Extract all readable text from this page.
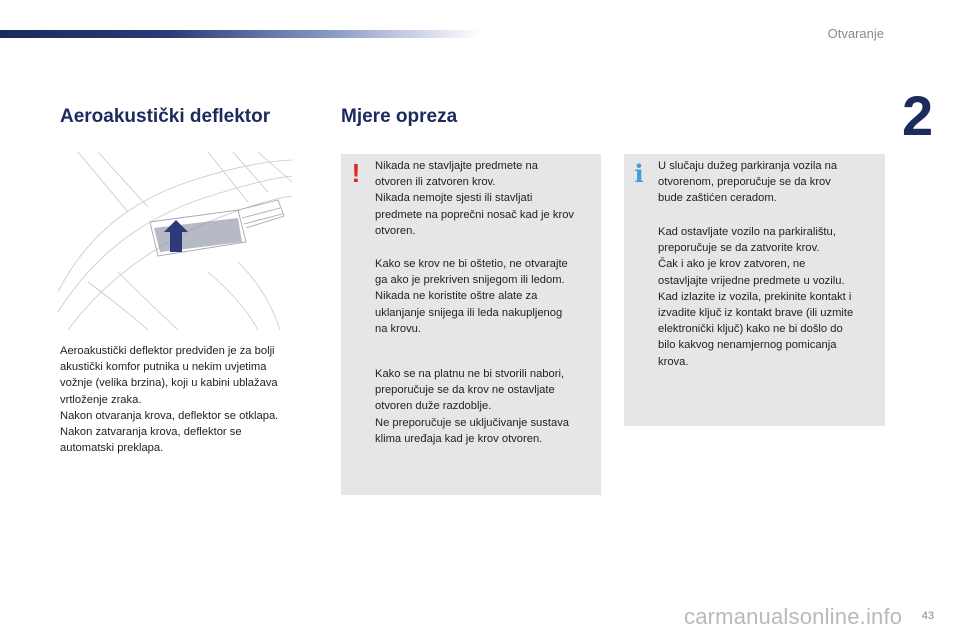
Otvaranje
2
Aeroakustički deflektor	Mjere opreza

Aeroakustički deflektor predviđen je za bolji
akustički komfor putnika u nekim uvjetima
vožnje (velika brzina), koji u kabini ublažava
vrtloženje zraka.
Nakon otvaranja krova, deflektor se otklapa.
Nakon zatvaranja krova, deflektor se
automatski preklapa.

! Nikada ne stavljajte predmete na
otvoren ili zatvoren krov.
Nikada nemojte sjesti ili stavljati
predmete na poprečni nosač kad je krov
otvoren.

Kako se krov ne bi oštetio, ne otvarajte
ga ako je prekriven snijegom ili ledom.
Nikada ne koristite oštre alate za
uklanjanje snijega ili leda nakupljenog
na krovu.

Kako se na platnu ne bi stvorili nabori,
preporučuje se da krov ne ostavljate
otvoren duže razdoblje.
Ne preporučuje se uključivanje sustava
klima uređaja kad je krov otvoren.

i U slučaju dužeg parkiranja vozila na
otvorenom, preporučuje se da krov
bude zaštićen ceradom.

Kad ostavljate vozilo na parkiralištu,
preporučuje se da zatvorite krov.
Čak i ako je krov zatvoren, ne
ostavljajte vrijedne predmete u vozilu.
Kad izlazite iz vozila, prekinite kontakt i
izvadite ključ iz kontakt brave (ili uzmite
elektronički ključ) kako ne bi došlo do
bilo kakvog nenamjernog pomicanja
krova.

carmanualsonline.info 43
